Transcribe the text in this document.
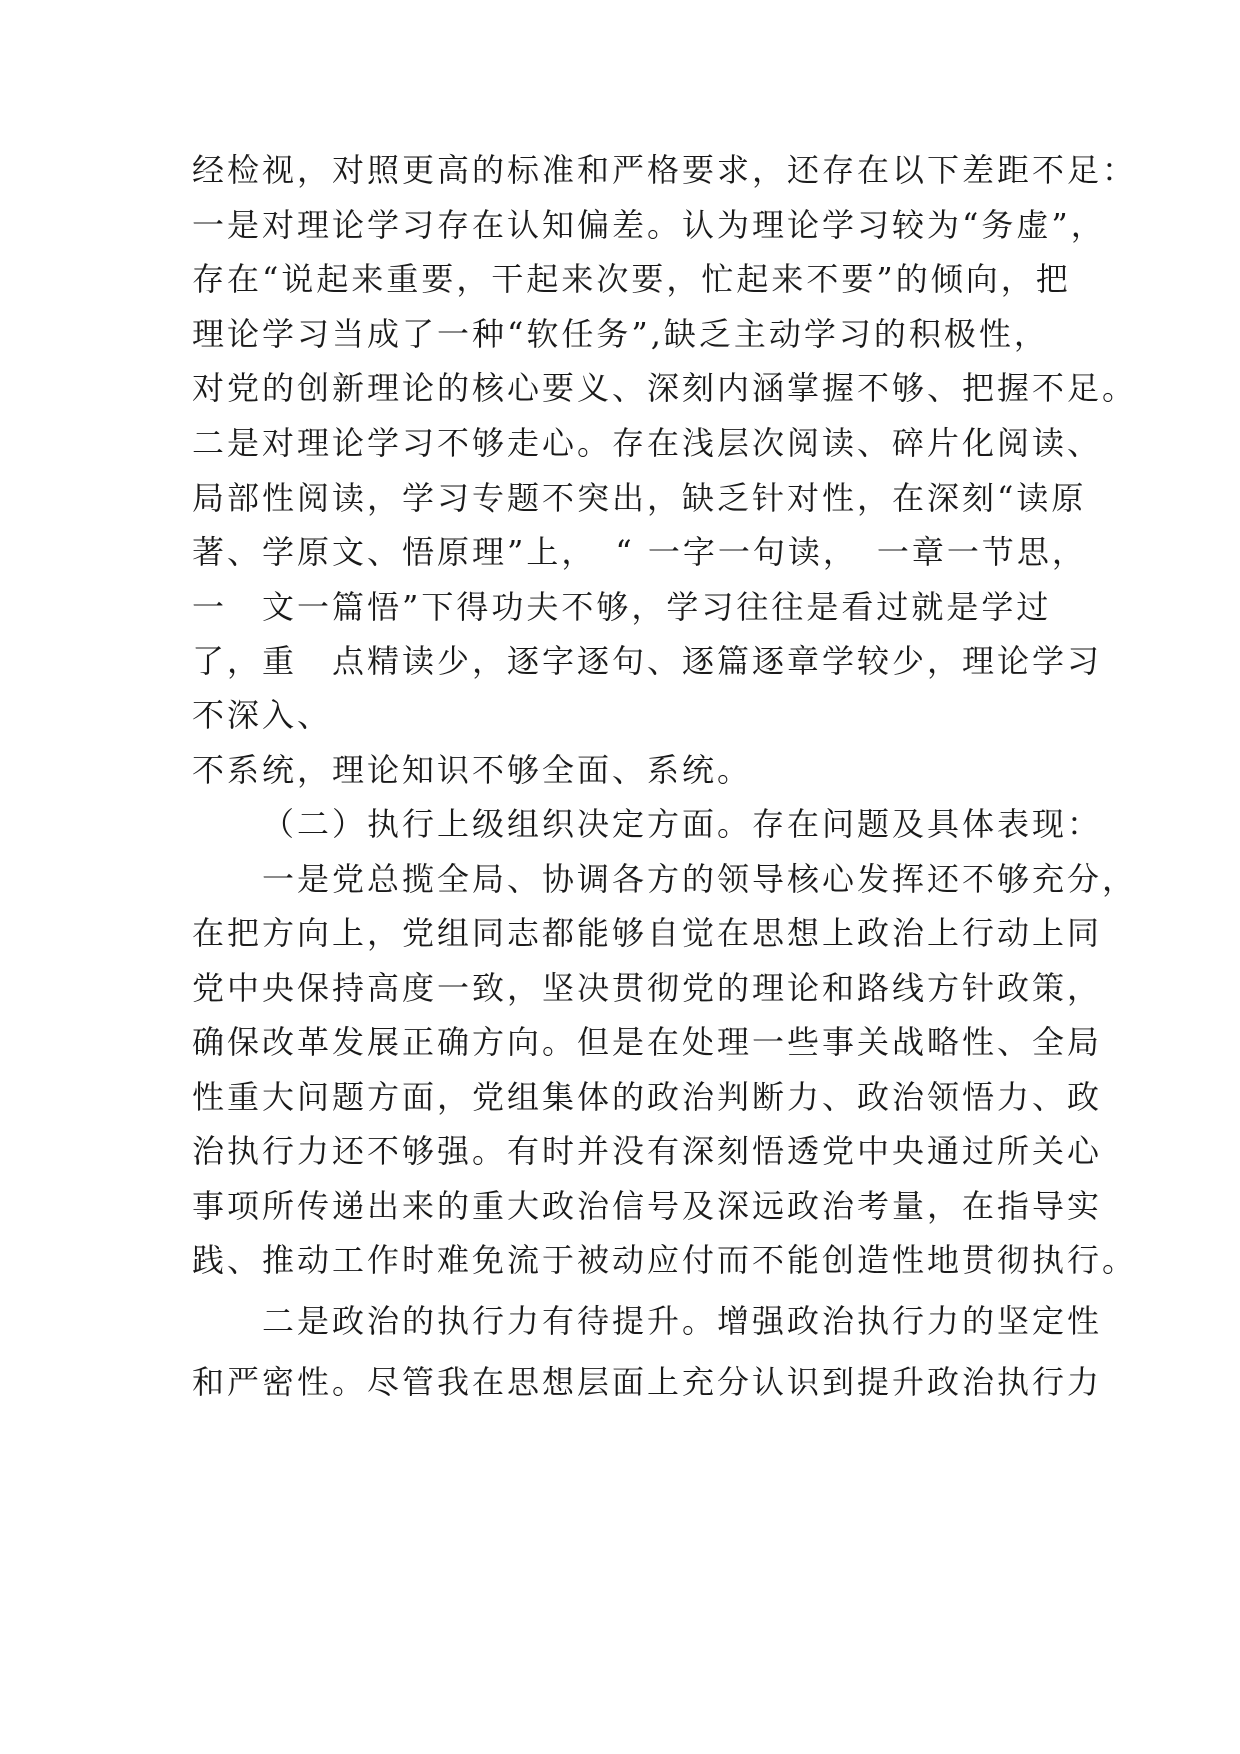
经检视，对照更高的标准和严格要求，还存在以下差距不足：
一是对理论学习存在认知偏差。认为理论学习较为“务虚”，
存在“说起来重要，干起来次要，忙起来不要”的倾向，把
理论学习当成了一种“软任务”,缺乏主动学习的积极性，
对党的创新理论的核心要义、深刻内涵掌握不够、把握不足。
二是对理论学习不够走心。存在浅层次阅读、碎片化阅读、
局部性阅读，学习专题不突出，缺乏针对性，在深刻“读原
著、学原文、悟原理”上，　“ 一字一句读，　一章一节思，
一　文一篇悟”下得功夫不够，学习往往是看过就是学过
了，重　点精读少，逐字逐句、逐篇逐章学较少，理论学习
不深入、
不系统，理论知识不够全面、系统。
（二）执行上级组织决定方面。存在问题及具体表现：
一是党总揽全局、协调各方的领导核心发挥还不够充分，
在把方向上，党组同志都能够自觉在思想上政治上行动上同
党中央保持高度一致，坚决贯彻党的理论和路线方针政策，
确保改革发展正确方向。但是在处理一些事关战略性、全局
性重大问题方面，党组集体的政治判断力、政治领悟力、政
治执行力还不够强。有时并没有深刻悟透党中央通过所关心
事项所传递出来的重大政治信号及深远政治考量，在指导实
践、推动工作时难免流于被动应付而不能创造性地贯彻执行。
二是政治的执行力有待提升。增强政治执行力的坚定性
和严密性。尽管我在思想层面上充分认识到提升政治执行力
